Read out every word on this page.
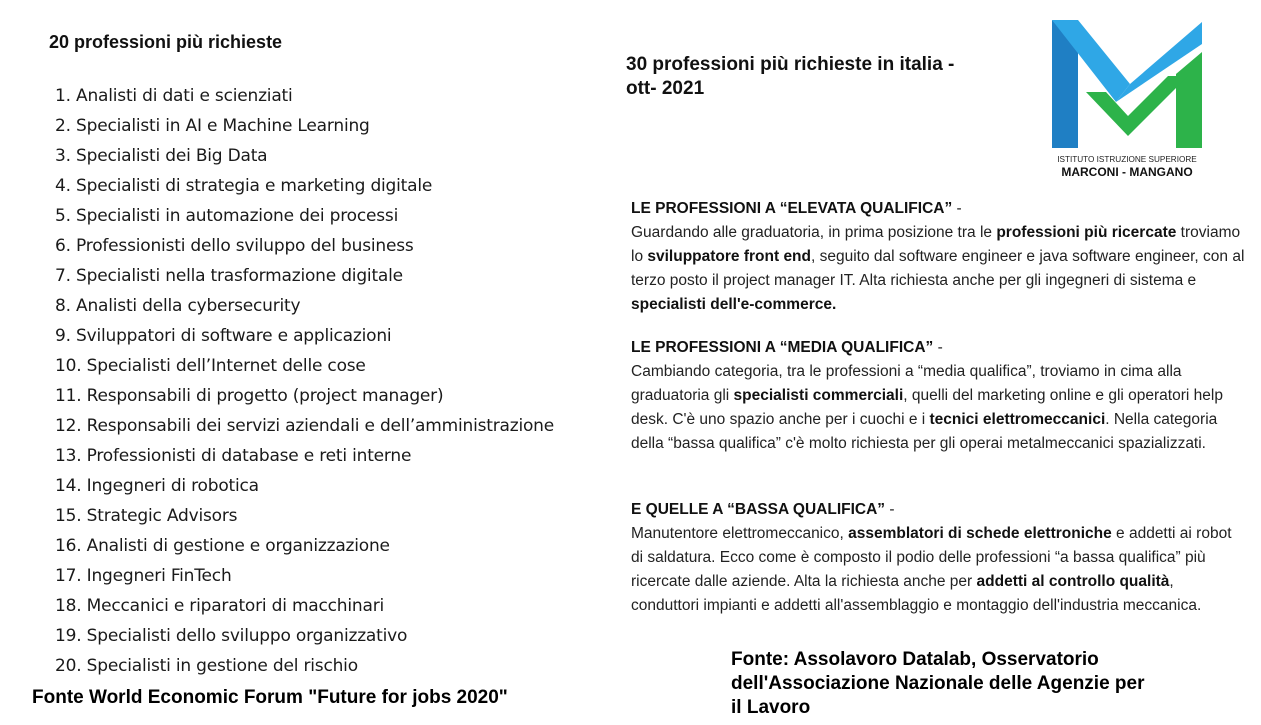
20 professioni più richieste
1. Analisti di dati e scienziati
2. Specialisti in AI e Machine Learning
3. Specialisti dei Big Data
4. Specialisti di strategia e marketing digitale
5. Specialisti in automazione dei processi
6. Professionisti dello sviluppo del business
7. Specialisti nella trasformazione digitale
8. Analisti della cybersecurity
9. Sviluppatori di software e applicazioni
10. Specialisti dell’Internet delle cose
11. Responsabili di progetto (project manager)
12. Responsabili dei servizi aziendali e dell’amministrazione
13. Professionisti di database e reti interne
14. Ingegneri di robotica
15. Strategic Advisors
16. Analisti di gestione e organizzazione
17. Ingegneri FinTech
18. Meccanici e riparatori di macchinari
19. Specialisti dello sviluppo organizzativo
20. Specialisti in gestione del rischio
Fonte World Economic Forum "Future for jobs 2020"
30 professioni più richieste in italia - ott- 2021
ISTITUTO ISTRUZIONE SUPERIORE
MARCONI - MANGANO
LE PROFESSIONI A “ELEVATA QUALIFICA” -
Guardando alle graduatoria, in prima posizione tra le professioni più ricercate troviamo lo sviluppatore front end, seguito dal software engineer e java software engineer, con al terzo posto il project manager IT. Alta richiesta anche per gli ingegneri di sistema e specialisti dell'e-commerce.
LE PROFESSIONI A “MEDIA QUALIFICA” -
Cambiando categoria, tra le professioni a “media qualifica”, troviamo in cima alla graduatoria gli specialisti commerciali, quelli del marketing online e gli operatori help desk. C'è uno spazio anche per i cuochi e i tecnici elettromeccanici. Nella categoria della “bassa qualifica” c'è molto richiesta per gli operai metalmeccanici spazializzati.
E QUELLE A “BASSA QUALIFICA” -
Manutentore elettromeccanico, assemblatori di schede elettroniche e addetti ai robot di saldatura. Ecco come è composto il podio delle professioni “a bassa qualifica” più ricercate dalle aziende. Alta la richiesta anche per addetti al controllo qualità, conduttori impianti e addetti all'assemblaggio e montaggio dell'industria meccanica.
Fonte: Assolavoro Datalab, Osservatorio dell'Associazione Nazionale delle Agenzie per il Lavoro
